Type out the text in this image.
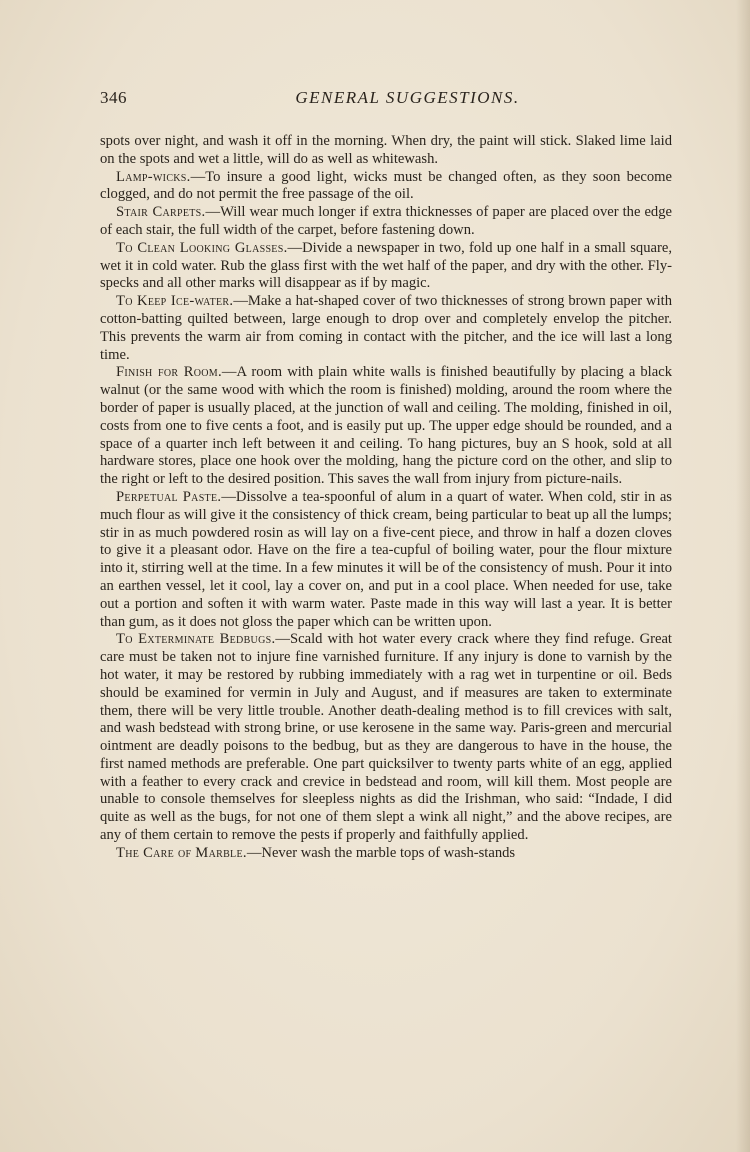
346	GENERAL SUGGESTIONS.

spots over night, and wash it off in the morning. When dry, the paint will stick. Slaked lime laid on the spots and wet a little, will do as well as whitewash.

Lamp-wicks.—To insure a good light, wicks must be changed often, as they soon become clogged, and do not permit the free passage of the oil.

Stair Carpets.—Will wear much longer if extra thicknesses of paper are placed over the edge of each stair, the full width of the carpet, before fastening down.

To Clean Looking Glasses.—Divide a newspaper in two, fold up one half in a small square, wet it in cold water. Rub the glass first with the wet half of the paper, and dry with the other. Fly-specks and all other marks will disappear as if by magic.

To Keep Ice-water.—Make a hat-shaped cover of two thicknesses of strong brown paper with cotton-batting quilted between, large enough to drop over and completely envelop the pitcher. This prevents the warm air from coming in contact with the pitcher, and the ice will last a long time.

Finish for Room.—A room with plain white walls is finished beautifully by placing a black walnut (or the same wood with which the room is finished) molding, around the room where the border of paper is usually placed, at the junction of wall and ceiling. The molding, finished in oil, costs from one to five cents a foot, and is easily put up. The upper edge should be rounded, and a space of a quarter inch left between it and ceiling. To hang pictures, buy an S hook, sold at all hardware stores, place one hook over the molding, hang the picture cord on the other, and slip to the right or left to the desired position. This saves the wall from injury from picture-nails.

Perpetual Paste.—Dissolve a tea-spoonful of alum in a quart of water. When cold, stir in as much flour as will give it the consistency of thick cream, being particular to beat up all the lumps; stir in as much powdered rosin as will lay on a five-cent piece, and throw in half a dozen cloves to give it a pleasant odor. Have on the fire a tea-cupful of boiling water, pour the flour mixture into it, stirring well at the time. In a few minutes it will be of the consistency of mush. Pour it into an earthen vessel, let it cool, lay a cover on, and put in a cool place. When needed for use, take out a portion and soften it with warm water. Paste made in this way will last a year. It is better than gum, as it does not gloss the paper which can be written upon.

To Exterminate Bedbugs.—Scald with hot water every crack where they find refuge. Great care must be taken not to injure fine varnished furniture. If any injury is done to varnish by the hot water, it may be restored by rubbing immediately with a rag wet in turpentine or oil. Beds should be examined for vermin in July and August, and if measures are taken to exterminate them, there will be very little trouble. Another death-dealing method is to fill crevices with salt, and wash bedstead with strong brine, or use kerosene in the same way. Paris-green and mercurial ointment are deadly poisons to the bedbug, but as they are dangerous to have in the house, the first named methods are preferable. One part quicksilver to twenty parts white of an egg, applied with a feather to every crack and crevice in bedstead and room, will kill them. Most people are unable to console themselves for sleepless nights as did the Irishman, who said: “Indade, I did quite as well as the bugs, for not one of them slept a wink all night,” and the above recipes, are any of them certain to remove the pests if properly and faithfully applied.

The Care of Marble.—Never wash the marble tops of wash-stands
